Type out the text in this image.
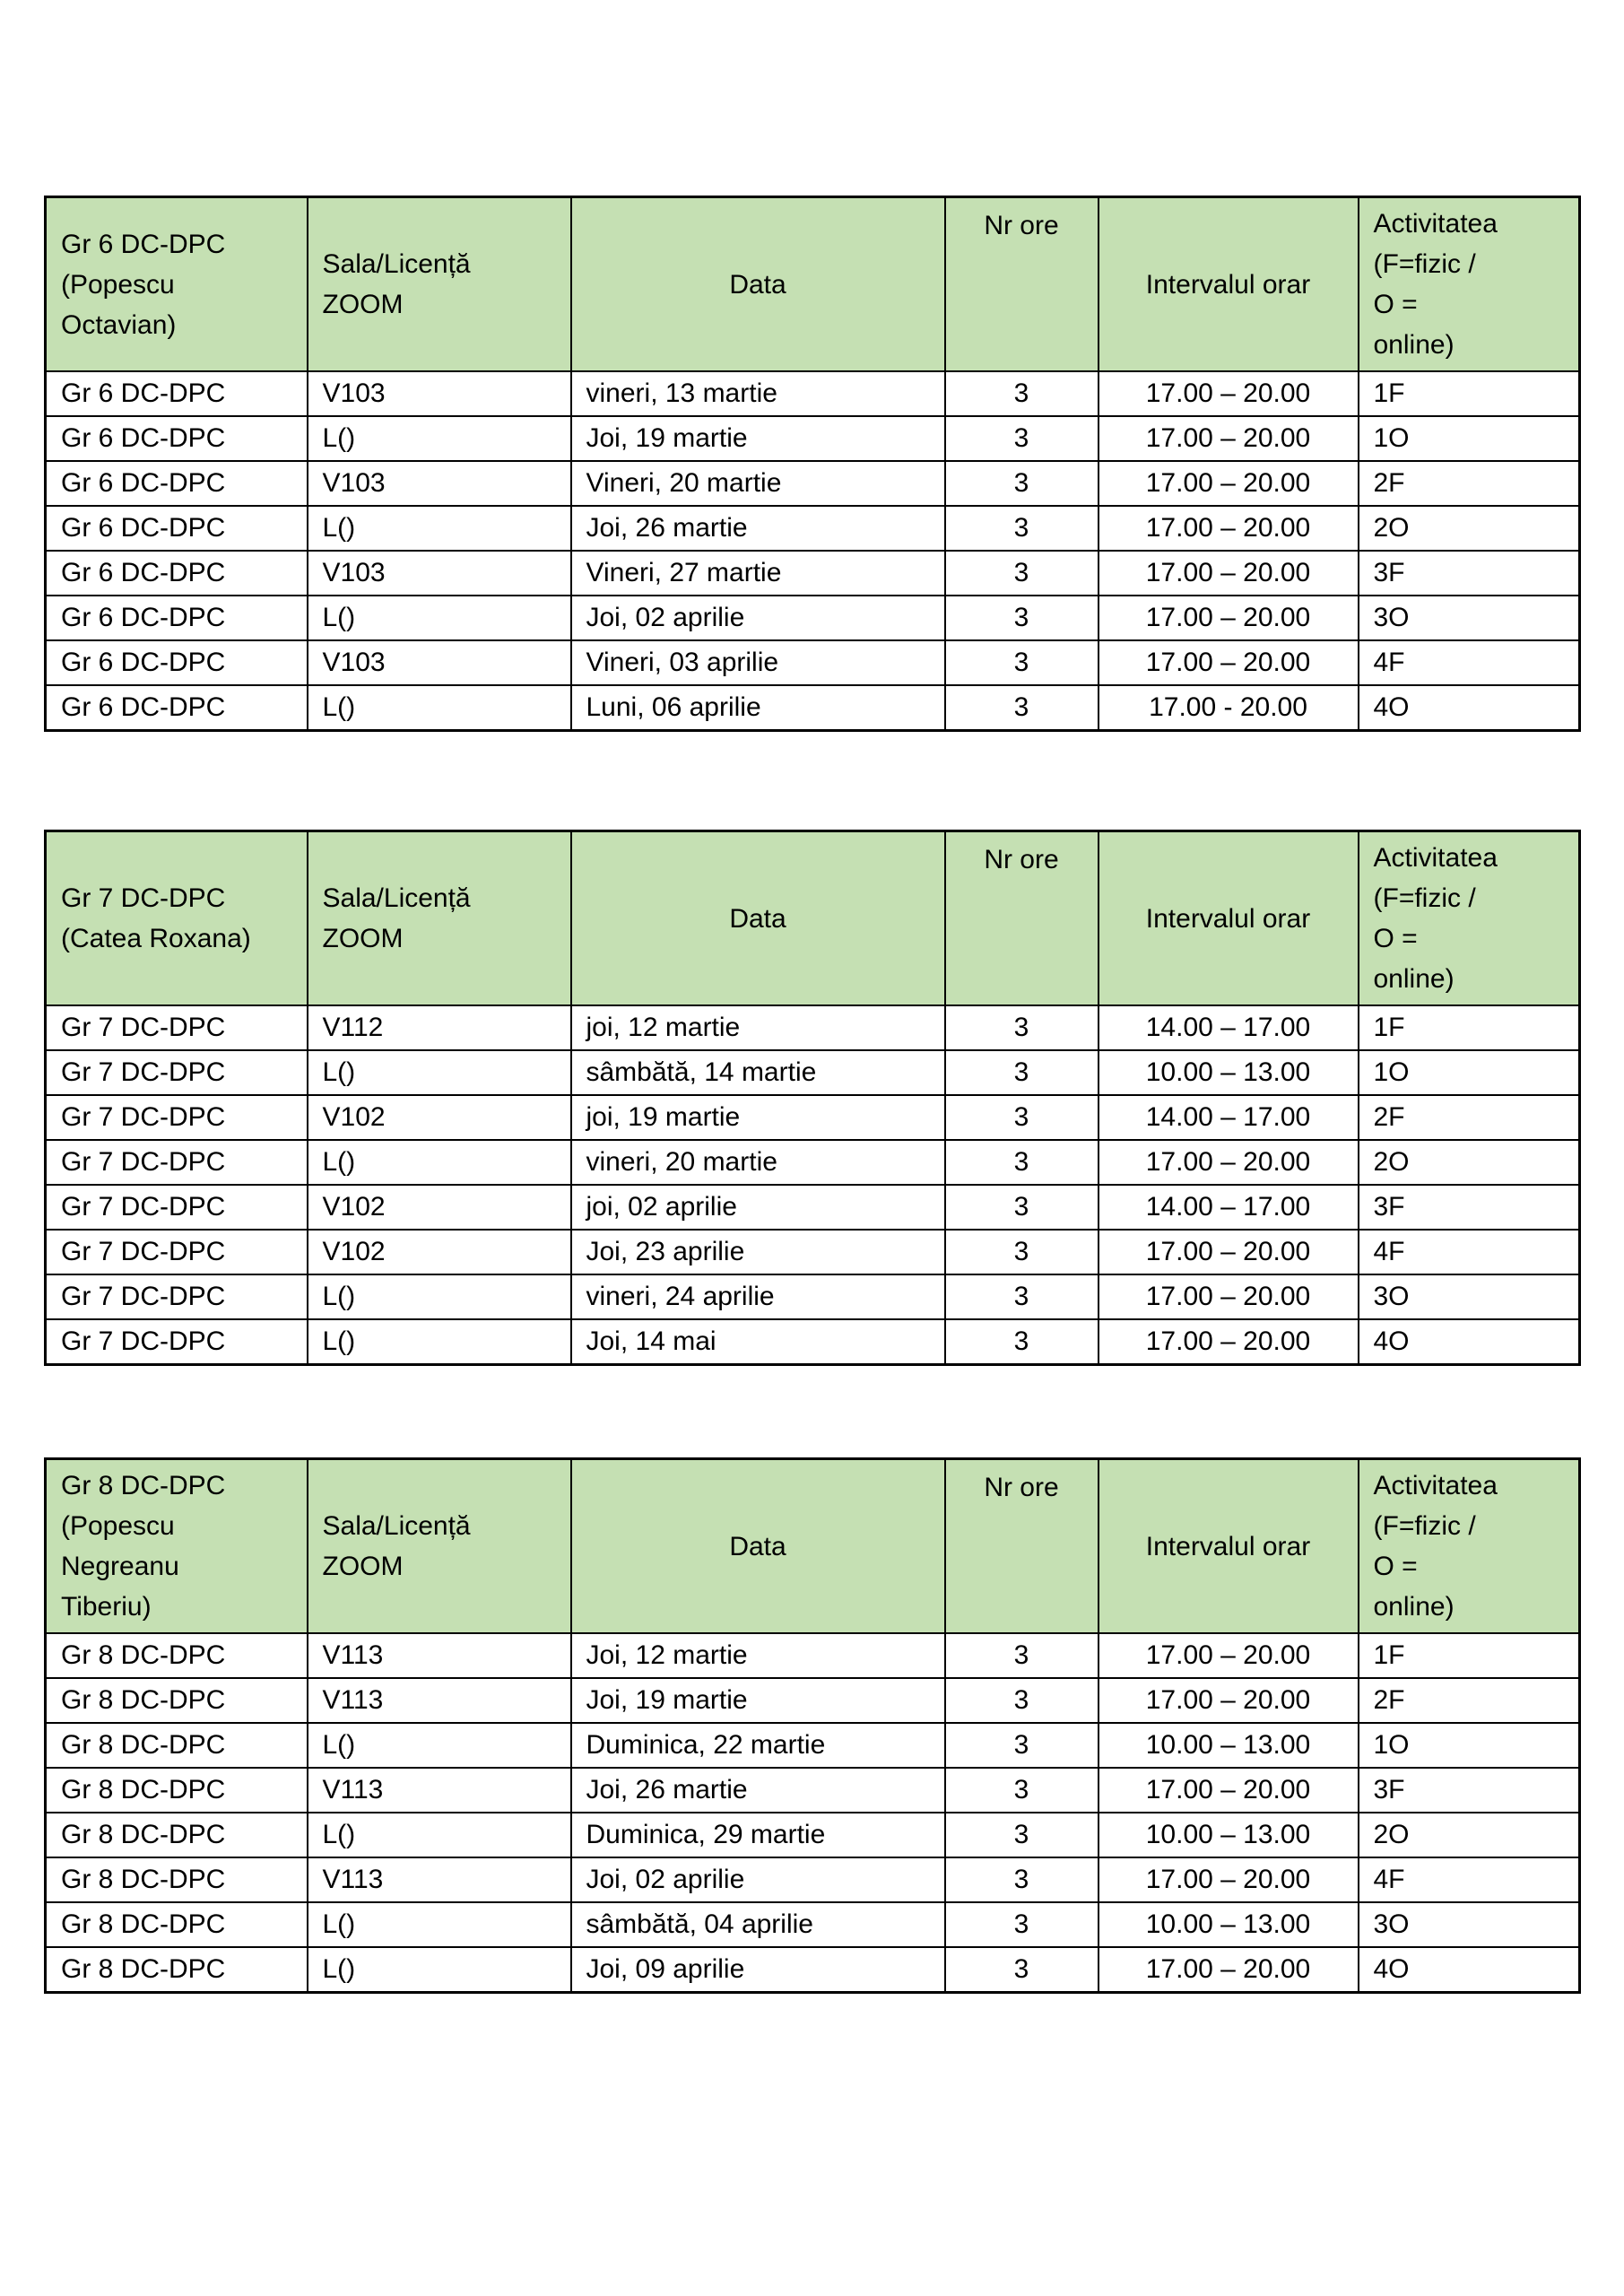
Gr 6 DC-DPC (Popescu Octavian)	Sala/Licență ZOOM	Data	Nr ore	Intervalul orar	Activitatea (F=fizic / O = online)
Gr 6 DC-DPC	V103	vineri, 13 martie	3	17.00 – 20.00	1F
Gr 6 DC-DPC	L()	Joi, 19 martie	3	17.00 – 20.00	1O
Gr 6 DC-DPC	V103	Vineri, 20 martie	3	17.00 – 20.00	2F
Gr 6 DC-DPC	L()	Joi, 26 martie	3	17.00 – 20.00	2O
Gr 6 DC-DPC	V103	Vineri, 27 martie	3	17.00 – 20.00	3F
Gr 6 DC-DPC	L()	Joi, 02 aprilie	3	17.00 – 20.00	3O
Gr 6 DC-DPC	V103	Vineri, 03 aprilie	3	17.00 – 20.00	4F
Gr 6 DC-DPC	L()	Luni, 06 aprilie	3	17.00 - 20.00	4O
Gr 7 DC-DPC (Catea Roxana)	Sala/Licență ZOOM	Data	Nr ore	Intervalul orar	Activitatea (F=fizic / O = online)
Gr 7 DC-DPC	V112	joi, 12 martie	3	14.00 – 17.00	1F
Gr 7 DC-DPC	L()	sâmbătă, 14 martie	3	10.00 – 13.00	1O
Gr 7 DC-DPC	V102	joi, 19 martie	3	14.00 – 17.00	2F
Gr 7 DC-DPC	L()	vineri, 20 martie	3	17.00 – 20.00	2O
Gr 7 DC-DPC	V102	joi, 02 aprilie	3	14.00 – 17.00	3F
Gr 7 DC-DPC	V102	Joi, 23 aprilie	3	17.00 – 20.00	4F
Gr 7 DC-DPC	L()	vineri, 24 aprilie	3	17.00 – 20.00	3O
Gr 7 DC-DPC	L()	Joi, 14 mai	3	17.00 – 20.00	4O
Gr 8 DC-DPC (Popescu Negreanu Tiberiu)	Sala/Licență ZOOM	Data	Nr ore	Intervalul orar	Activitatea (F=fizic / O = online)
Gr 8 DC-DPC	V113	Joi, 12 martie	3	17.00 – 20.00	1F
Gr 8 DC-DPC	V113	Joi, 19 martie	3	17.00 – 20.00	2F
Gr 8 DC-DPC	L()	Duminica, 22 martie	3	10.00 – 13.00	1O
Gr 8 DC-DPC	V113	Joi, 26 martie	3	17.00 – 20.00	3F
Gr 8 DC-DPC	L()	Duminica, 29 martie	3	10.00 – 13.00	2O
Gr 8 DC-DPC	V113	Joi, 02 aprilie	3	17.00 – 20.00	4F
Gr 8 DC-DPC	L()	sâmbătă, 04 aprilie	3	10.00 – 13.00	3O
Gr 8 DC-DPC	L()	Joi, 09 aprilie	3	17.00 – 20.00	4O
